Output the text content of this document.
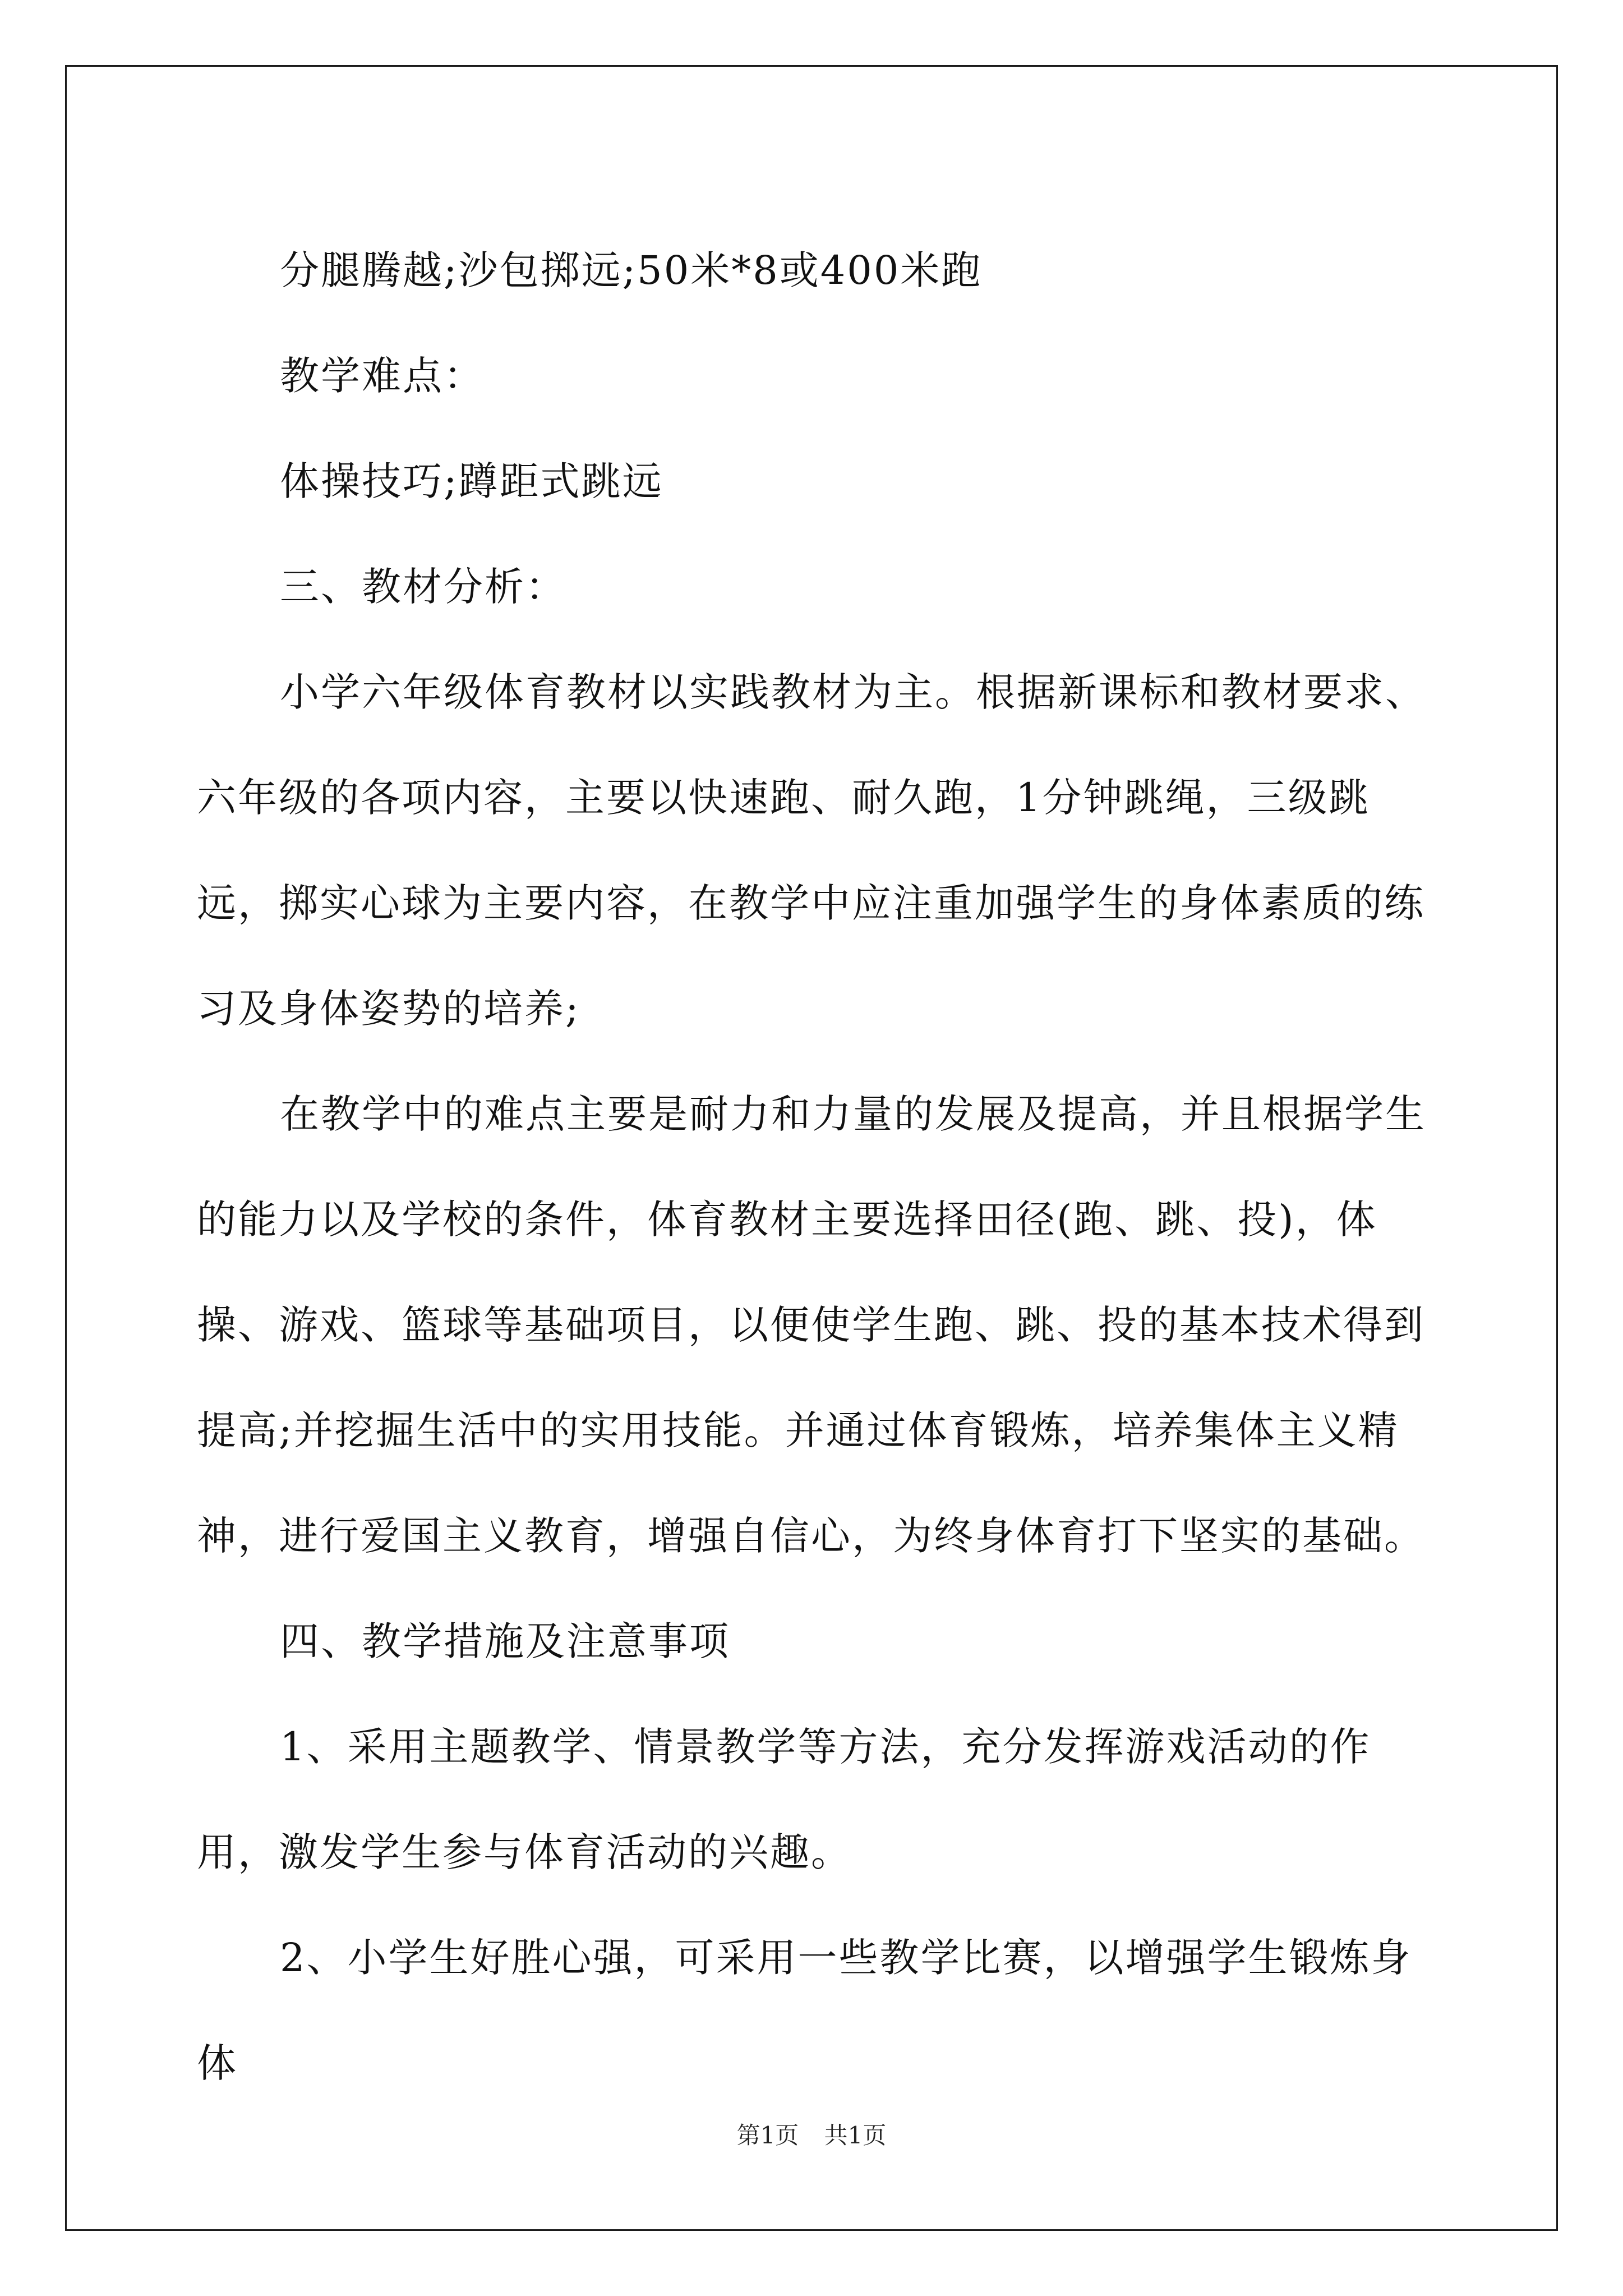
分腿腾越;沙包掷远;50米*8或400米跑

教学难点：

体操技巧;蹲距式跳远

三、教材分析：

小学六年级体育教材以实践教材为主。根据新课标和教材要求、六年级的各项内容，主要以快速跑、耐久跑，1分钟跳绳，三级跳远，掷实心球为主要内容，在教学中应注重加强学生的身体素质的练习及身体姿势的培养;

在教学中的难点主要是耐力和力量的发展及提高，并且根据学生的能力以及学校的条件，体育教材主要选择田径(跑、跳、投)，体操、游戏、篮球等基础项目，以便使学生跑、跳、投的基本技术得到提高;并挖掘生活中的实用技能。并通过体育锻炼，培养集体主义精神，进行爱国主义教育，增强自信心，为终身体育打下坚实的基础。

四、教学措施及注意事项

1、采用主题教学、情景教学等方法，充分发挥游戏活动的作用，激发学生参与体育活动的兴趣。

2、小学生好胜心强，可采用一些教学比赛，以增强学生锻炼身体

第1页 共1页
